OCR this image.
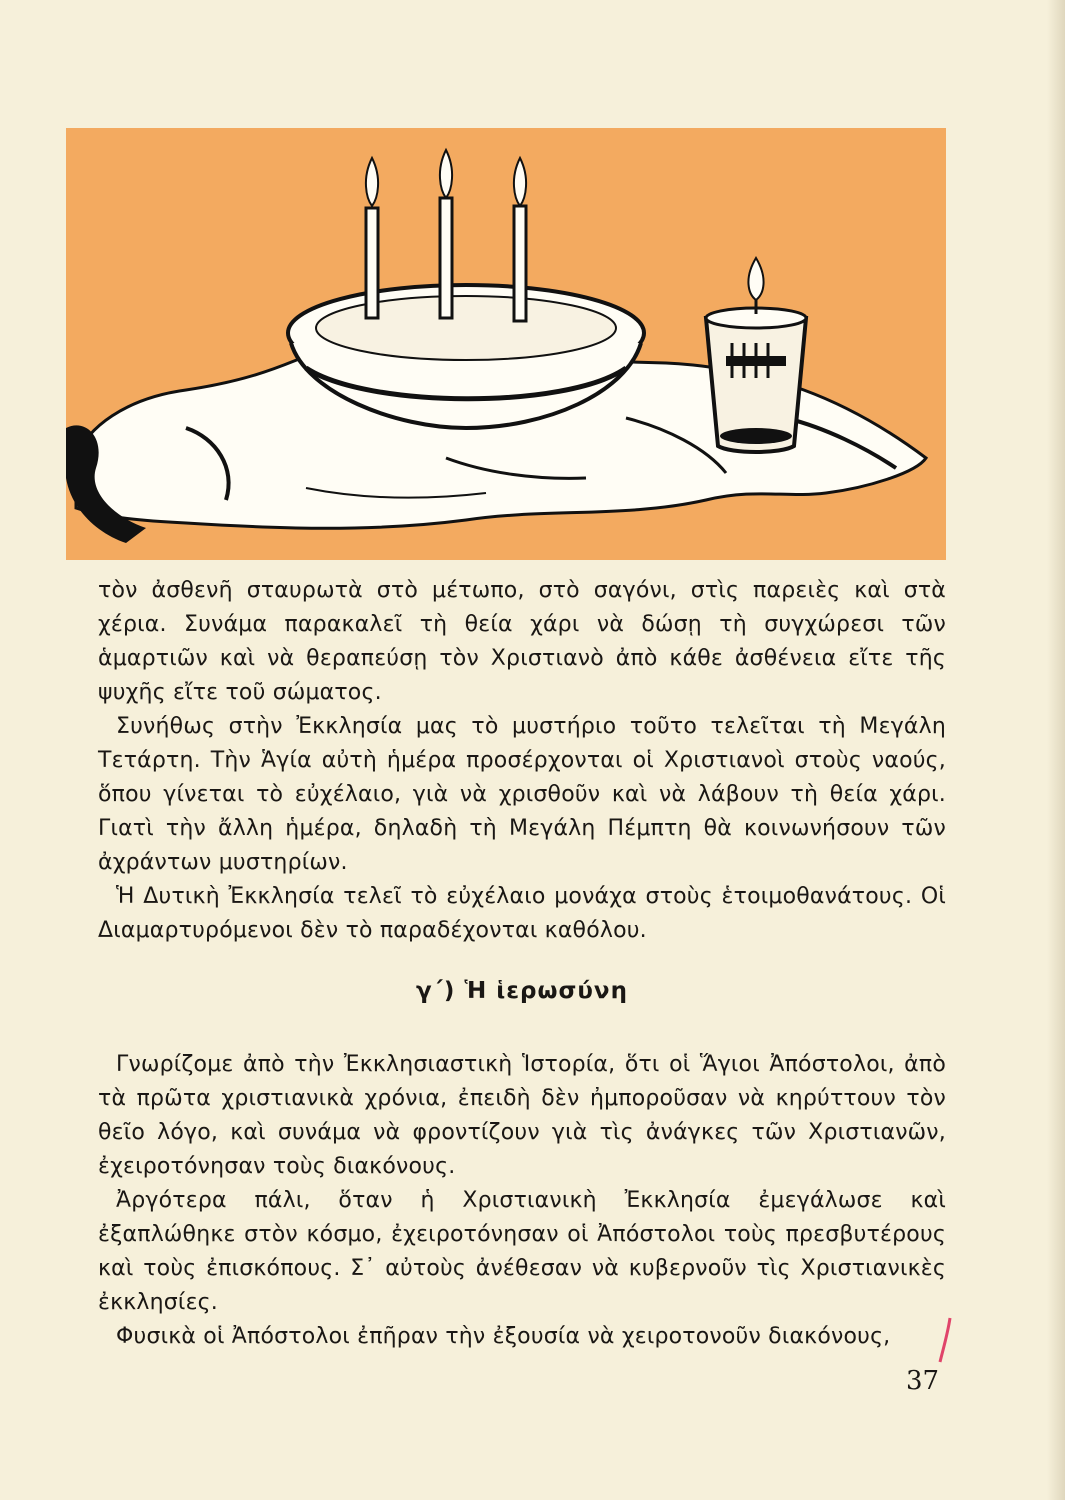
τὸν ἀσθενῆ σταυρωτὰ στὸ μέτωπο, στὸ σαγόνι, στὶς παρειὲς καὶ στὰ χέρια. Συνάμα παρακαλεῖ τὴ θεία χάρι νὰ δώσῃ τὴ συγχώρεσι τῶν ἁμαρτιῶν καὶ νὰ θεραπεύσῃ τὸν Χριστιανὸ ἀπὸ κάθε ἀσθένεια εἴτε τῆς ψυχῆς εἴτε τοῦ σώματος.

Συνήθως στὴν Ἐκκλησία μας τὸ μυστήριο τοῦτο τελεῖται τὴ Μεγάλη Τετάρτη. Τὴν Ἁγία αὐτὴ ἡμέρα προσέρχονται οἱ Χριστιανοὶ στοὺς ναούς, ὅπου γίνεται τὸ εὐχέλαιο, γιὰ νὰ χρισθοῦν καὶ νὰ λάβουν τὴ θεία χάρι. Γιατὶ τὴν ἄλλη ἡμέρα, δηλαδὴ τὴ Μεγάλη Πέμπτη θὰ κοινωνήσουν τῶν ἀχράντων μυστηρίων.

Ἡ Δυτικὴ Ἐκκλησία τελεῖ τὸ εὐχέλαιο μονάχα στοὺς ἑτοιμοθανάτους. Οἱ Διαμαρτυρόμενοι δὲν τὸ παραδέχονται καθόλου.

γ΄) Ἡ ἱερωσύνη

Γνωρίζομε ἀπὸ τὴν Ἐκκλησιαστικὴ Ἱστορία, ὅτι οἱ Ἅγιοι Ἀπόστολοι, ἀπὸ τὰ πρῶτα χριστιανικὰ χρόνια, ἐπειδὴ δὲν ἠμποροῦσαν νὰ κηρύττουν τὸν θεῖο λόγο, καὶ συνάμα νὰ φροντίζουν γιὰ τὶς ἀνάγκες τῶν Χριστιανῶν, ἐχειροτόνησαν τοὺς διακόνους.

Ἀργότερα πάλι, ὅταν ἡ Χριστιανικὴ Ἐκκλησία ἐμεγάλωσε καὶ ἐξαπλώθηκε στὸν κόσμο, ἐχειροτόνησαν οἱ Ἀπόστολοι τοὺς πρεσβυτέρους καὶ τοὺς ἐπισκόπους. Σ᾽ αὐτοὺς ἀνέθεσαν νὰ κυβερνοῦν τὶς Χριστιανικὲς ἐκκλησίες.

Φυσικὰ οἱ Ἀπόστολοι ἐπῆραν τὴν ἐξουσία νὰ χειροτονοῦν διακόνους,

37
